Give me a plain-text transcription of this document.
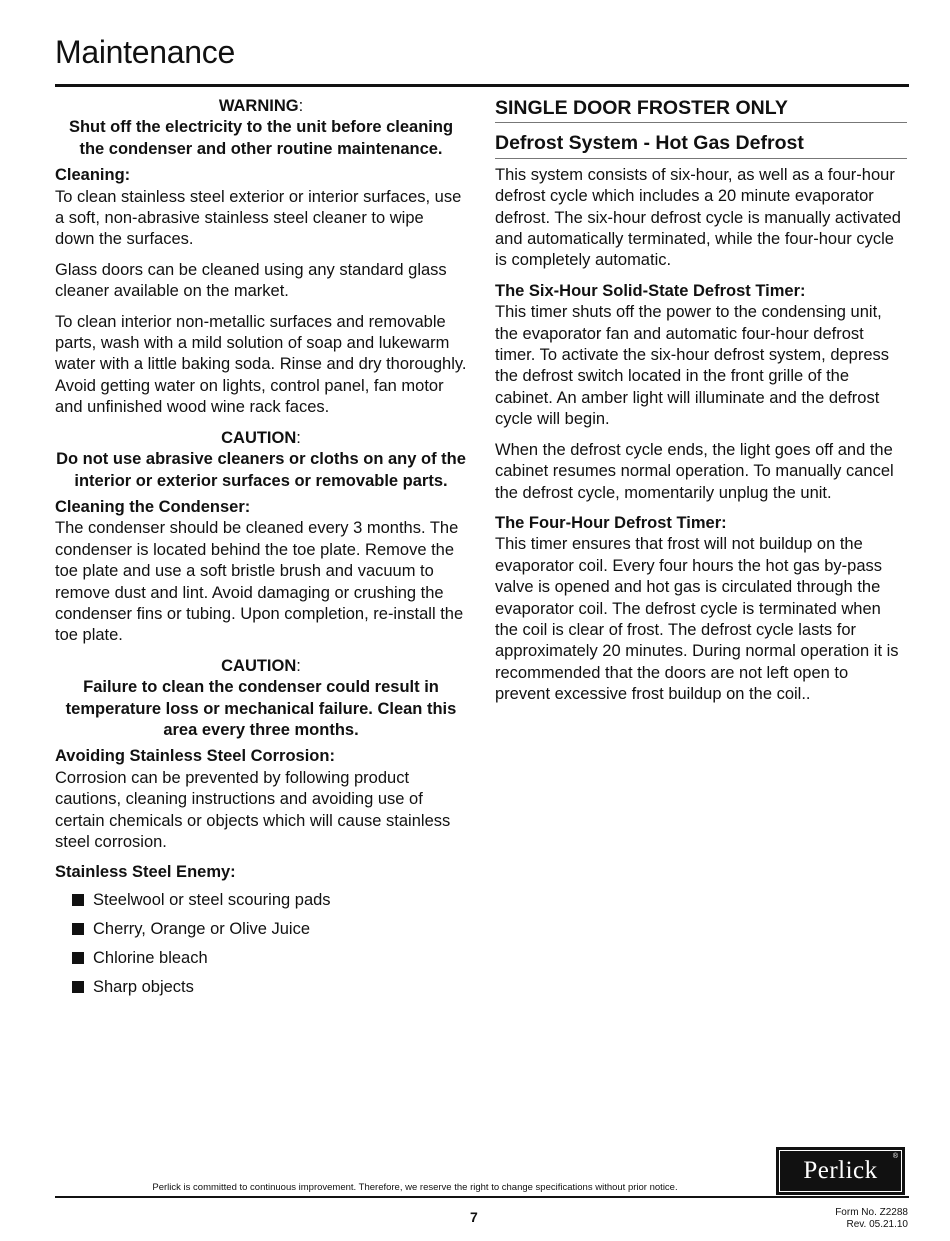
Maintenance

WARNING:

Shut off the electricity to the unit before cleaning the condenser and other routine maintenance.

Cleaning:

To clean stainless steel exterior or interior surfaces, use a soft, non-abrasive stainless steel cleaner to wipe down the surfaces.

Glass doors can be cleaned using any standard glass cleaner available on the market.

To clean interior non-metallic surfaces and removable parts, wash with a mild solution of soap and lukewarm water with a little baking soda. Rinse and dry thoroughly. Avoid getting water on lights, control panel, fan motor and unfinished wood wine rack faces.

CAUTION:

Do not use abrasive cleaners or cloths on any of the interior or exterior surfaces or removable parts.

Cleaning the Condenser:

The condenser should be cleaned every 3 months. The condenser is located behind the toe plate. Remove the toe plate and use a soft bristle brush and vacuum to remove dust and lint. Avoid damaging or crushing the condenser fins or tubing. Upon completion, re-install the toe plate.

CAUTION:

Failure to clean the condenser could result in temperature loss or mechanical failure. Clean this area every three months.

Avoiding Stainless Steel Corrosion:

Corrosion can be prevented by following product cautions, cleaning instructions and avoiding use of certain chemicals or objects which will cause stainless steel corrosion.

Stainless Steel Enemy:

Steelwool or steel scouring pads
Cherry, Orange or Olive Juice
Chlorine bleach
Sharp objects
SINGLE DOOR FROSTER ONLY
Defrost System - Hot Gas Defrost

This system consists of six-hour, as well as a four-hour defrost cycle which includes a 20 minute evaporator defrost. The six-hour defrost cycle is manually activated and automatically terminated, while the four-hour cycle is completely automatic.

The Six-Hour Solid-State Defrost Timer:

This timer shuts off the power to the condensing unit, the evaporator fan and automatic four-hour defrost timer. To activate the six-hour defrost system, depress the defrost switch located in the front grille of the cabinet. An amber light will illuminate and the defrost cycle will begin.

When the defrost cycle ends, the light goes off and the cabinet resumes normal operation. To manually cancel the defrost cycle, momentarily unplug the unit.

The Four-Hour Defrost Timer:

This timer ensures that frost will not buildup on the evaporator coil. Every four hours the hot gas by-pass valve is opened and hot gas is circulated through the evaporator coil. The defrost cycle is terminated when the coil is clear of frost. The defrost cycle lasts for approximately 20 minutes. During normal operation it is recommended that the doors are not left open to prevent excessive frost buildup on the coil..

Perlick
®
Perlick is committed to continuous improvement. Therefore, we reserve the right to change specifications without prior notice.
7	Form No. Z2288
Rev. 05.21.10
